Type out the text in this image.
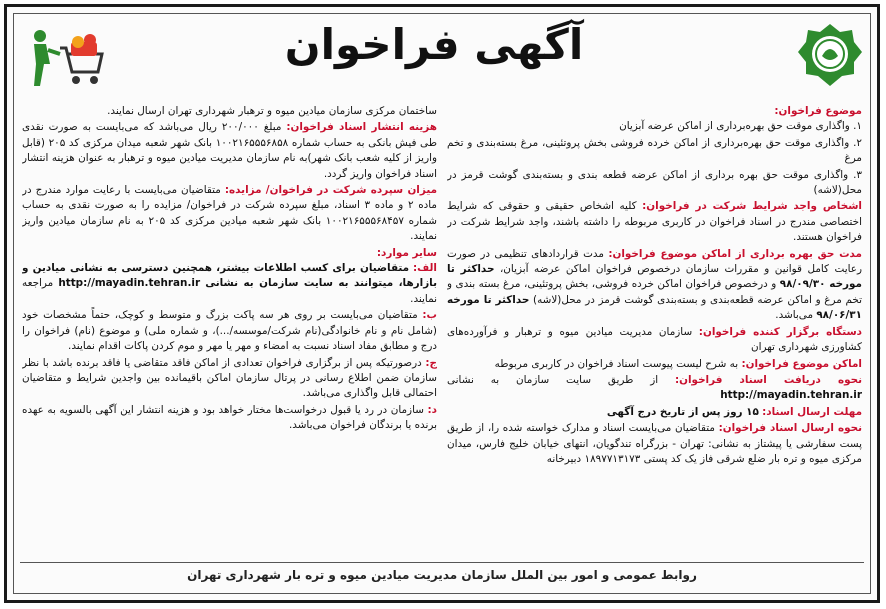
آگهی فراخوان
موضوع فراخوان:

۱. واگذاری موقت حق بهره‌برداری از اماکن عرضه آبزیان

۲. واگذاری موقت حق بهره‌برداری از اماکن خرده فروشی بخش پروتئینی، مرغ بسته‌بندی و تخم مرغ

۳. واگذاری موقت حق بهره برداری از اماکن عرضه قطعه بندی و بسته‌بندی گوشت قرمز در محل(لاشه)

اشخاص واجد شرایط شرکت در فراخوان: کلیه اشخاص حقیقی و حقوقی که شرایط اختصاصی مندرج در اسناد فراخوان در کاربری مربوطه را داشته باشند، واجد شرایط شرکت در فراخوان هستند.

مدت حق بهره برداری از اماکن موضوع فراخوان: مدت قراردادهای تنظیمی در صورت رعایت کامل قوانین و مقررات سازمان درخصوص فراخوان اماکن عرضه آبزیان، حداکثر تا مورخه ۹۸/۰۹/۳۰ و درخصوص فراخوان اماکن خرده فروشی، بخش پروتئینی، مرغ بسته بندی و تخم مرغ و اماکن عرضه قطعه‌بندی و بسته‌بندی گوشت قرمز در محل(لاشه) حداکثر تا مورخه ۹۸/۰۶/۳۱ می‌باشد.

دستگاه برگزار کننده فراخوان: سازمان مدیریت میادین میوه و ترهبار و فرآورده‌های کشاورزی شهرداری تهران

اماکن موضوع فراخوان: به شرح لیست پیوست اسناد فراخوان در کاربری مربوطه

نحوه دریافت اسناد فراخوان: از طریق سایت سازمان به نشانی http://mayadin.tehran.ir

مهلت ارسال اسناد: ۱۵ روز پس از تاریخ درج آگهی

نحوه ارسال اسناد فراخوان: متقاضیان می‌بایست اسناد و مدارک خواسته شده را، از طریق پست سفارشی یا پیشتاز به نشانی: تهران - بزرگراه تندگویان، انتهای خیابان خلیج فارس، میدان مرکزی میوه و تره بار ضلع شرقی فاز یک کد پستی ۱۸۹۷۷۱۳۱۷۳ دبیرخانه

ساختمان مرکزی سازمان میادین میوه و ترهبار شهرداری تهران ارسال نمایند.

هزینه انتشار اسناد فراخوان: مبلغ ۲۰۰/۰۰۰ ریال می‌باشد که می‌بایست به صورت نقدی طی فیش بانکی به حساب شماره ۱۰۰۲۱۶۵۵۵۶۸۵۸ بانک شهر شعبه میدان مرکزی کد ۲۰۵ (قابل واریز از کلیه شعب بانک شهر)به نام سازمان مدیریت میادین میوه و ترهبار به عنوان هزینه انتشار اسناد فراخوان واریز گردد.

میزان سپرده شرکت در فراخوان/ مزایده: متقاضیان می‌بایست با رعایت موارد مندرج در ماده ۲ و ماده ۳ اسناد، مبلغ سپرده شرکت در فراخوان/ مزایده را به صورت نقدی به حساب شماره ۱۰۰۲۱۶۵۵۵۶۸۴۵۷ بانک شهر شعبه میادین مرکزی کد ۲۰۵ به نام سازمان میادین واریز نمایند.

سایر موارد:

الف: متقاضیان برای کسب اطلاعات بیشتر، همچنین دسترسی به نشانی میادین و بازارها، میتوانند به سایت سازمان به نشانی http://mayadin.tehran.ir مراجعه نمایند.

ب: متقاضیان می‌بایست بر روی هر سه پاکت بزرگ و متوسط و کوچک، حتماً مشخصات خود (شامل نام و نام خانوادگی(نام شرکت/موسسه/...)، و شماره ملی) و موضوع (نام) فراخوان را درج و مطابق مفاد اسناد نسبت به امضاء و مهر یا مهر و موم کردن پاکات اقدام نمایند.

ج: درصورتیکه پس از برگزاری فراخوان تعدادی از اماکن فاقد متقاضی یا فاقد برنده باشد با نظر سازمان ضمن اطلاع رسانی در پرتال سازمان اماکن باقیمانده بین واجدین شرایط و متقاضیان احتمالی قابل واگذاری می‌باشد.

د: سازمان در رد یا قبول درخواست‌ها مختار خواهد بود و هزینه انتشار این آگهی بالسویه به عهده برنده یا برندگان فراخوان می‌باشد.

روابط عمومی و امور بین الملل سازمان مدیریت میادین میوه و تره بار شهرداری تهران
